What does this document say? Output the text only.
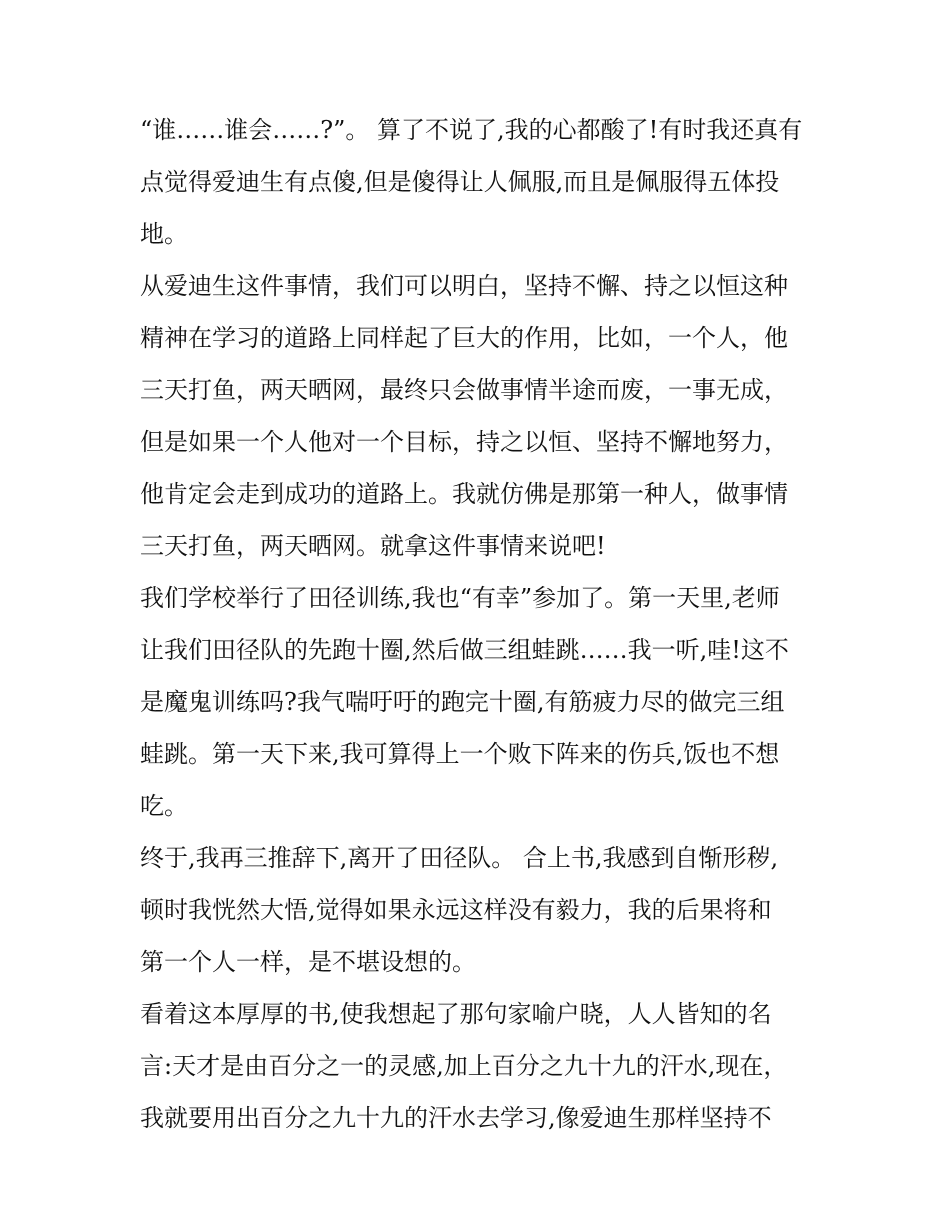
“谁……谁会……?”。 算了不说了,我的心都酸了!有时我还真有
点觉得爱迪生有点傻,但是傻得让人佩服,而且是佩服得五体投
地。
从爱迪生这件事情，我们可以明白，坚持不懈、持之以恒这种
精神在学习的道路上同样起了巨大的作用，比如，一个人，他
三天打鱼，两天晒网，最终只会做事情半途而废，一事无成，
但是如果一个人他对一个目标，持之以恒、坚持不懈地努力，
他肯定会走到成功的道路上。我就仿佛是那第一种人，做事情
三天打鱼，两天晒网。就拿这件事情来说吧!
我们学校举行了田径训练,我也“有幸”参加了。第一天里,老师
让我们田径队的先跑十圈,然后做三组蛙跳……我一听,哇!这不
是魔鬼训练吗?我气喘吁吁的跑完十圈,有筋疲力尽的做完三组
蛙跳。第一天下来,我可算得上一个败下阵来的伤兵,饭也不想
吃。
终于,我再三推辞下,离开了田径队。 合上书,我感到自惭形秽,
顿时我恍然大悟,觉得如果永远这样没有毅力，我的后果将和
第一个人一样，是不堪设想的。
看着这本厚厚的书,使我想起了那句家喻户晓，人人皆知的名
言:天才是由百分之一的灵感,加上百分之九十九的汗水,现在，
我就要用出百分之九十九的汗水去学习,像爱迪生那样坚持不
